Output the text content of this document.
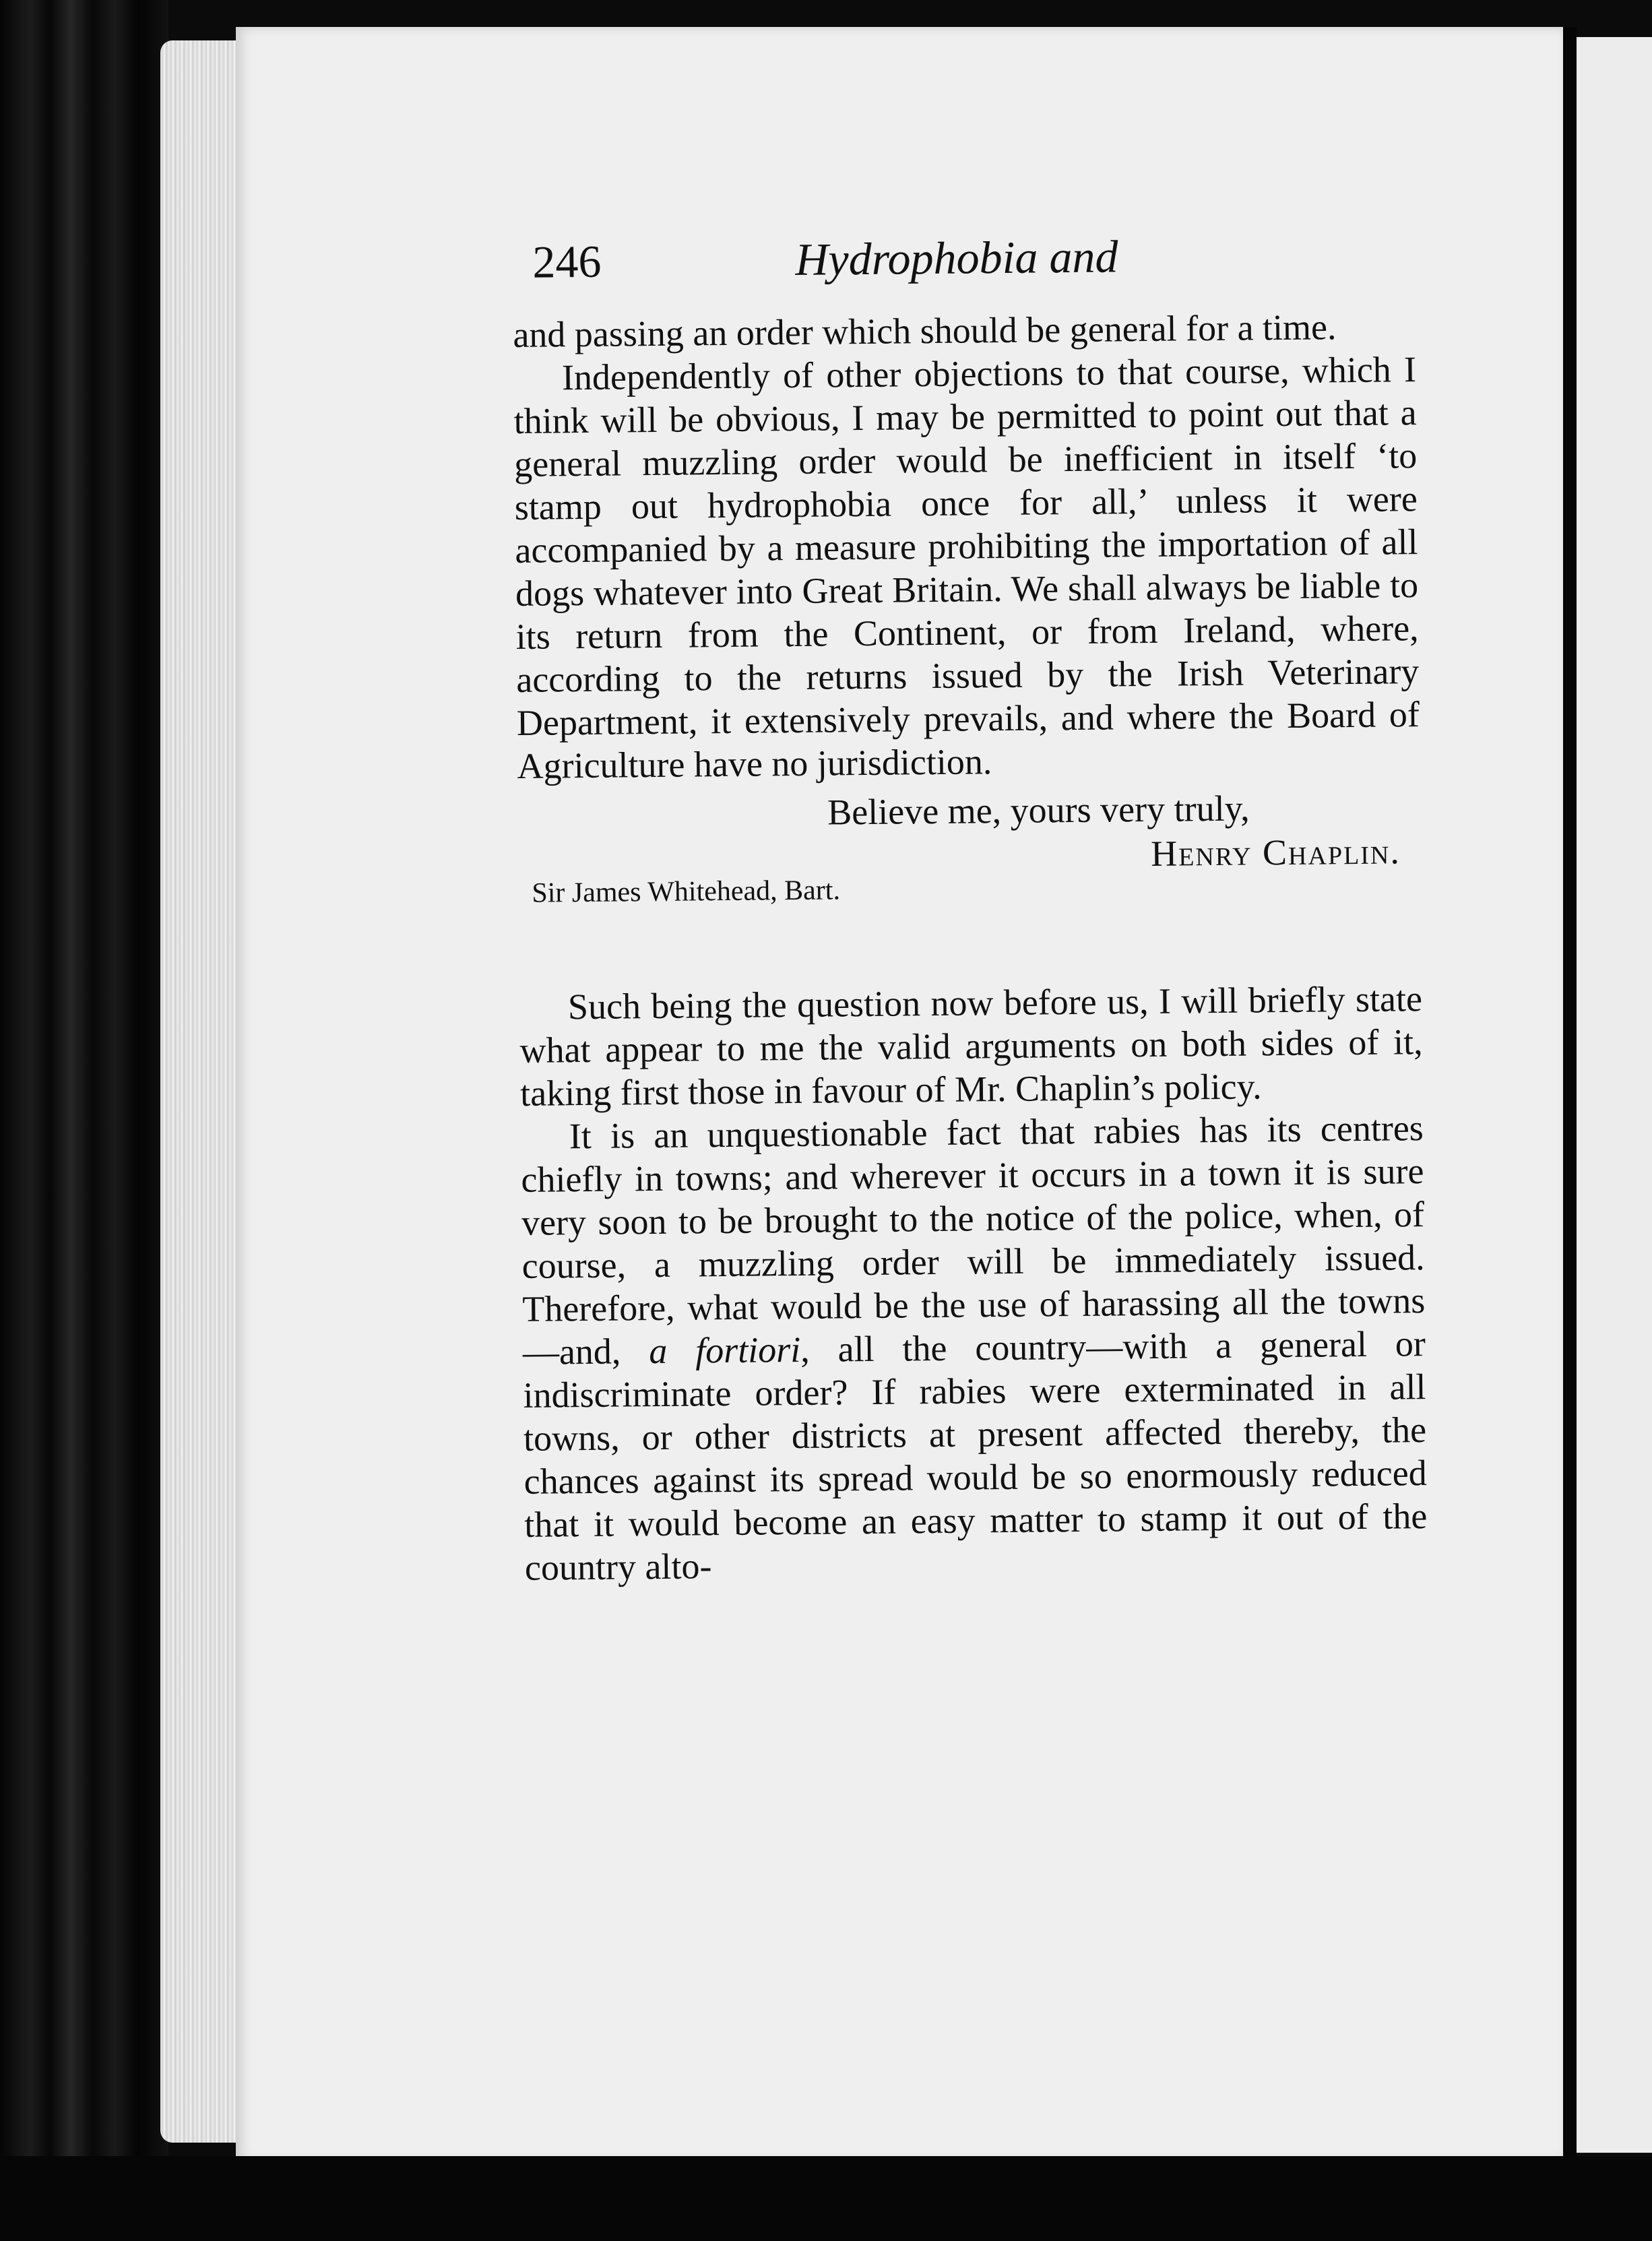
246	Hydrophobia and

and passing an order which should be general for a time.

Independently of other objections to that course, which I think will be obvious, I may be permitted to point out that a general muzzling order would be inefficient in itself ‘to stamp out hydrophobia once for all,’ unless it were accompanied by a measure prohibiting the importation of all dogs whatever into Great Britain. We shall always be liable to its return from the Continent, or from Ireland, where, according to the returns issued by the Irish Veterinary Department, it extensively prevails, and where the Board of Agriculture have no jurisdiction.

Believe me, yours very truly,
Henry Chaplin.
Sir James Whitehead, Bart.

Such being the question now before us, I will briefly state what appear to me the valid arguments on both sides of it, taking first those in favour of Mr. Chaplin’s policy.

It is an unquestionable fact that rabies has its centres chiefly in towns; and wherever it occurs in a town it is sure very soon to be brought to the notice of the police, when, of course, a muzzling order will be immediately issued. Therefore, what would be the use of harassing all the towns—and, a fortiori, all the country—with a general or indiscriminate order? If rabies were exterminated in all towns, or other districts at present affected thereby, the chances against its spread would be so enormously reduced that it would become an easy matter to stamp it out of the country alto-
